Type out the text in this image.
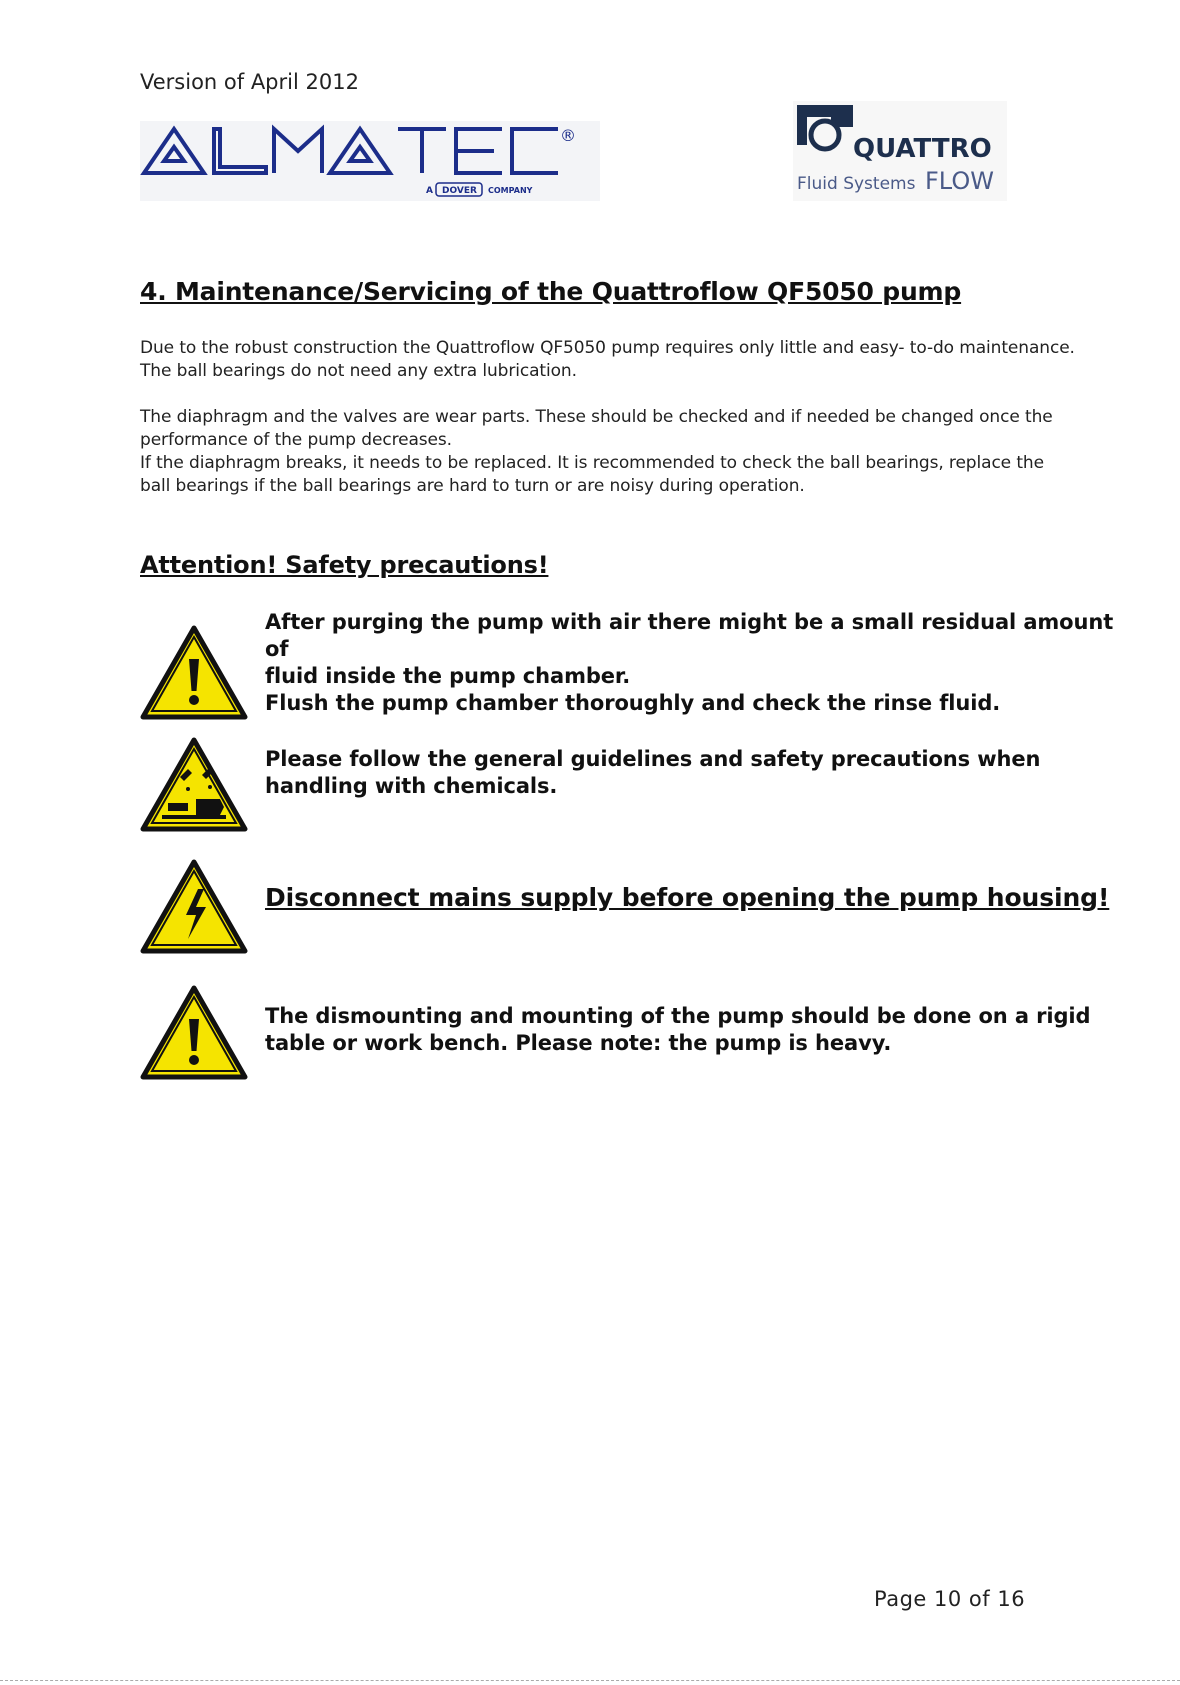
Version of April 2012
®
A DOVER COMPANY
QUATTRO
Fluid Systems FLOW
4. Maintenance/Servicing of the Quattroflow QF5050 pump
Due to the robust construction the Quattroflow QF5050 pump requires only little and easy- to-do maintenance.
The ball bearings do not need any extra lubrication.
The diaphragm and the valves are wear parts. These should be checked and if needed be changed once the
performance of the pump decreases.
If the diaphragm breaks, it needs to be replaced. It is recommended to check the ball bearings, replace the
ball bearings if the ball bearings are hard to turn or are noisy during operation.
Attention! Safety precautions!
After purging the pump with air there might be a small residual amount of
fluid inside the pump chamber.
Flush the pump chamber thoroughly and check the rinse fluid.
Please follow the general guidelines and safety precautions when
handling with chemicals.
Disconnect mains supply before opening the pump housing!
The dismounting and mounting of the pump should be done on a rigid
table or work bench. Please note: the pump is heavy.
Page 10 of 16
